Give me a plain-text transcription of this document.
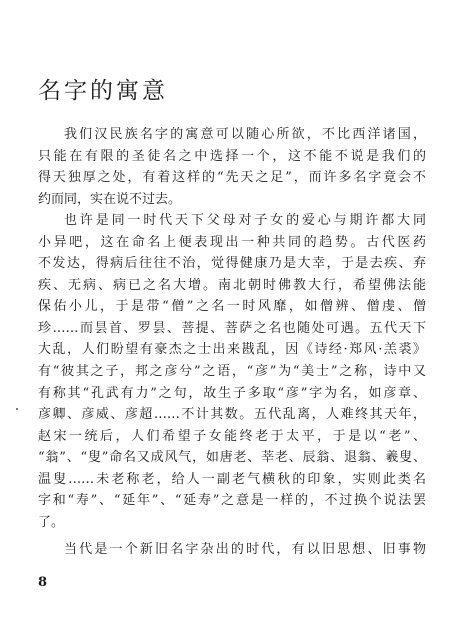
名字的寓意
我们汉民族名字的寓意可以随心所欲，不比西洋诸国，
只能在有限的圣徒名之中选择一个，这不能不说是我们的
得天独厚之处，有着这样的“先天之足”，而许多名字竟会不
约而同，实在说不过去。
也许是同一时代天下父母对子女的爱心与期许都大同
小异吧，这在命名上便表现出一种共同的趋势。古代医药
不发达，得病后往往不治，觉得健康乃是大幸，于是去疾、弃
疾、无病、病已之名大增。南北朝时佛教大行，希望佛法能
保佑小儿，于是带“僧”之名一时风靡，如僧辨、僧虔、僧
珍……而昙首、罗昙、菩提、菩萨之名也随处可遇。五代天下
大乱，人们盼望有豪杰之士出来戡乱，因《诗经·郑风·羔裘》
有“彼其之子，邦之彦兮”之语，“彦”为“美士”之称，诗中又
有称其“孔武有力”之句，故生子多取“彦”字为名，如彦章、
彦卿、彦威、彦超……不计其数。五代乱离，人难终其天年，
赵宋一统后，人们希望子女能终老于太平，于是以“老”、
“翁”、“叟”命名又成风气，如唐老、莘老、辰翁、退翁、羲叟、
温叟……未老称老，给人一副老气横秋的印象，实则此类名
字和“寿”、“延年”、“延寿”之意是一样的，不过换个说法罢
了。
当代是一个新旧名字杂出的时代，有以旧思想、旧事物
8
